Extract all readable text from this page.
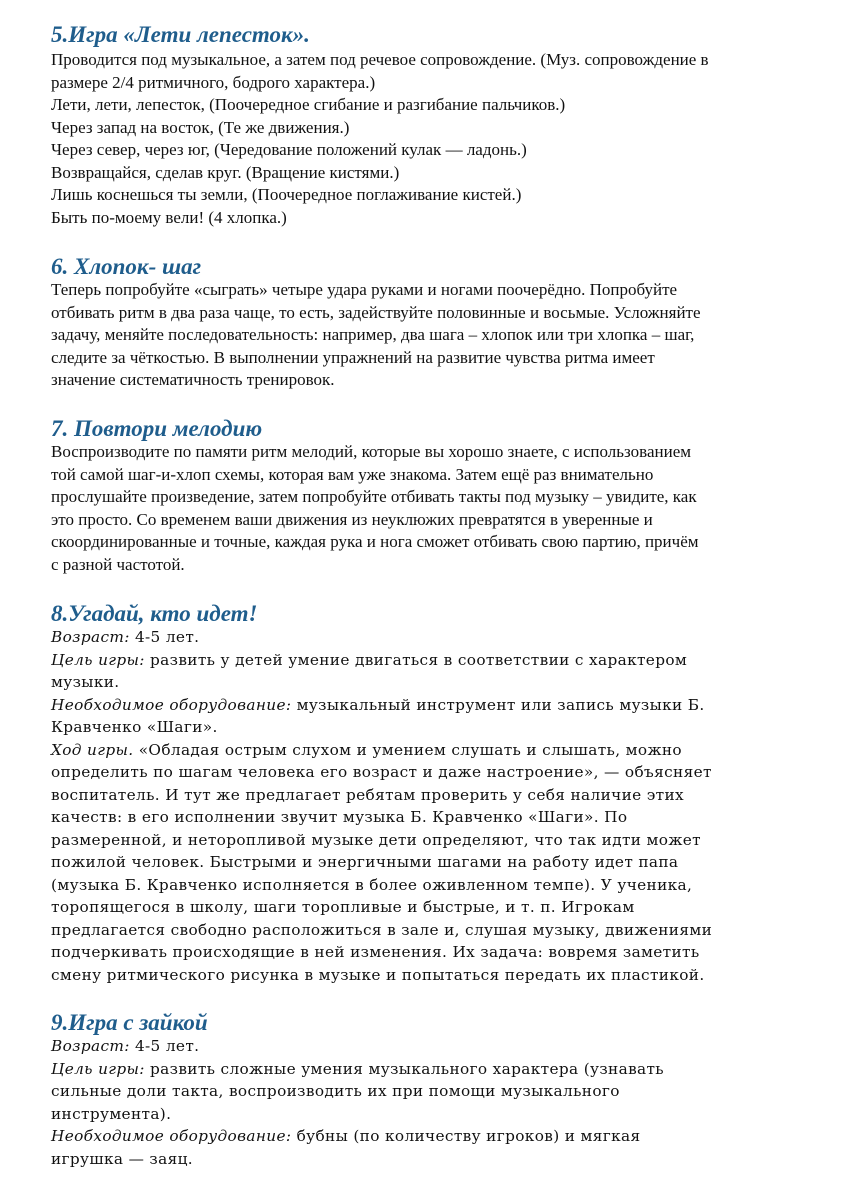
5.Игра «Лети лепесток».
Проводится под музыкальное, а затем под речевое сопровождение. (Муз. сопровождение в
размере 2/4 ритмичного, бодрого характера.)
Лети, лети, лепесток, (Поочередное сгибание и разгибание пальчиков.)
Через запад на восток, (Те же движения.)
Через север, через юг, (Чередование положений кулак — ладонь.)
Возвращайся, сделав круг. (Вращение кистями.)
Лишь коснешься ты земли, (Поочередное поглаживание кистей.)
Быть по-моему вели! (4 хлопка.)
6. Хлопок- шаг
Теперь попробуйте «сыграть» четыре удара руками и ногами поочерёдно. Попробуйте
отбивать ритм в два раза чаще, то есть, задействуйте половинные и восьмые. Усложняйте
задачу, меняйте последовательность: например, два шага – хлопок или три хлопка – шаг,
следите за чёткостью. В выполнении упражнений на развитие чувства ритма имеет
значение систематичность тренировок.
7. Повтори мелодию
Воспроизводите по памяти ритм мелодий, которые вы хорошо знаете, с использованием
той самой шаг-и-хлоп схемы, которая вам уже знакома. Затем ещё раз внимательно
прослушайте произведение, затем попробуйте отбивать такты под музыку – увидите, как
это просто. Со временем ваши движения из неуклюжих превратятся в уверенные и
скоординированные и точные, каждая рука и нога сможет отбивать свою партию, причём
с разной частотой.
8.Угадай, кто идет!
Возраст: 4-5 лет.
Цель игры: развить у детей умение двигаться в соответствии с характером
музыки.
Необходимое оборудование: музыкальный инструмент или запись музыки Б.
Кравченко «Шаги».
Ход игры. «Обладая острым слухом и умением слушать и слышать, можно
определить по шагам человека его возраст и даже настроение», — объясняет
воспитатель. И тут же предлагает ребятам проверить у себя наличие этих
качеств: в его исполнении звучит музыка Б. Кравченко «Шаги». По
размеренной, и неторопливой музыке дети определяют, что так идти может
пожилой человек. Быстрыми и энергичными шагами на работу идет папа
(музыка Б. Кравченко исполняется в более оживленном темпе). У ученика,
торопящегося в школу, шаги торопливые и быстрые, и т. п. Игрокам
предлагается свободно расположиться в зале и, слушая музыку, движениями
подчеркивать происходящие в ней изменения. Их задача: вовремя заметить
смену ритмического рисунка в музыке и попытаться передать их пластикой.
9.Игра с зайкой
Возраст: 4-5 лет.
Цель игры: развить сложные умения музыкального характера (узнавать
сильные доли такта, воспроизводить их при помощи музыкального
инструмента).
Необходимое оборудование: бубны (по количеству игроков) и мягкая
игрушка — заяц.
